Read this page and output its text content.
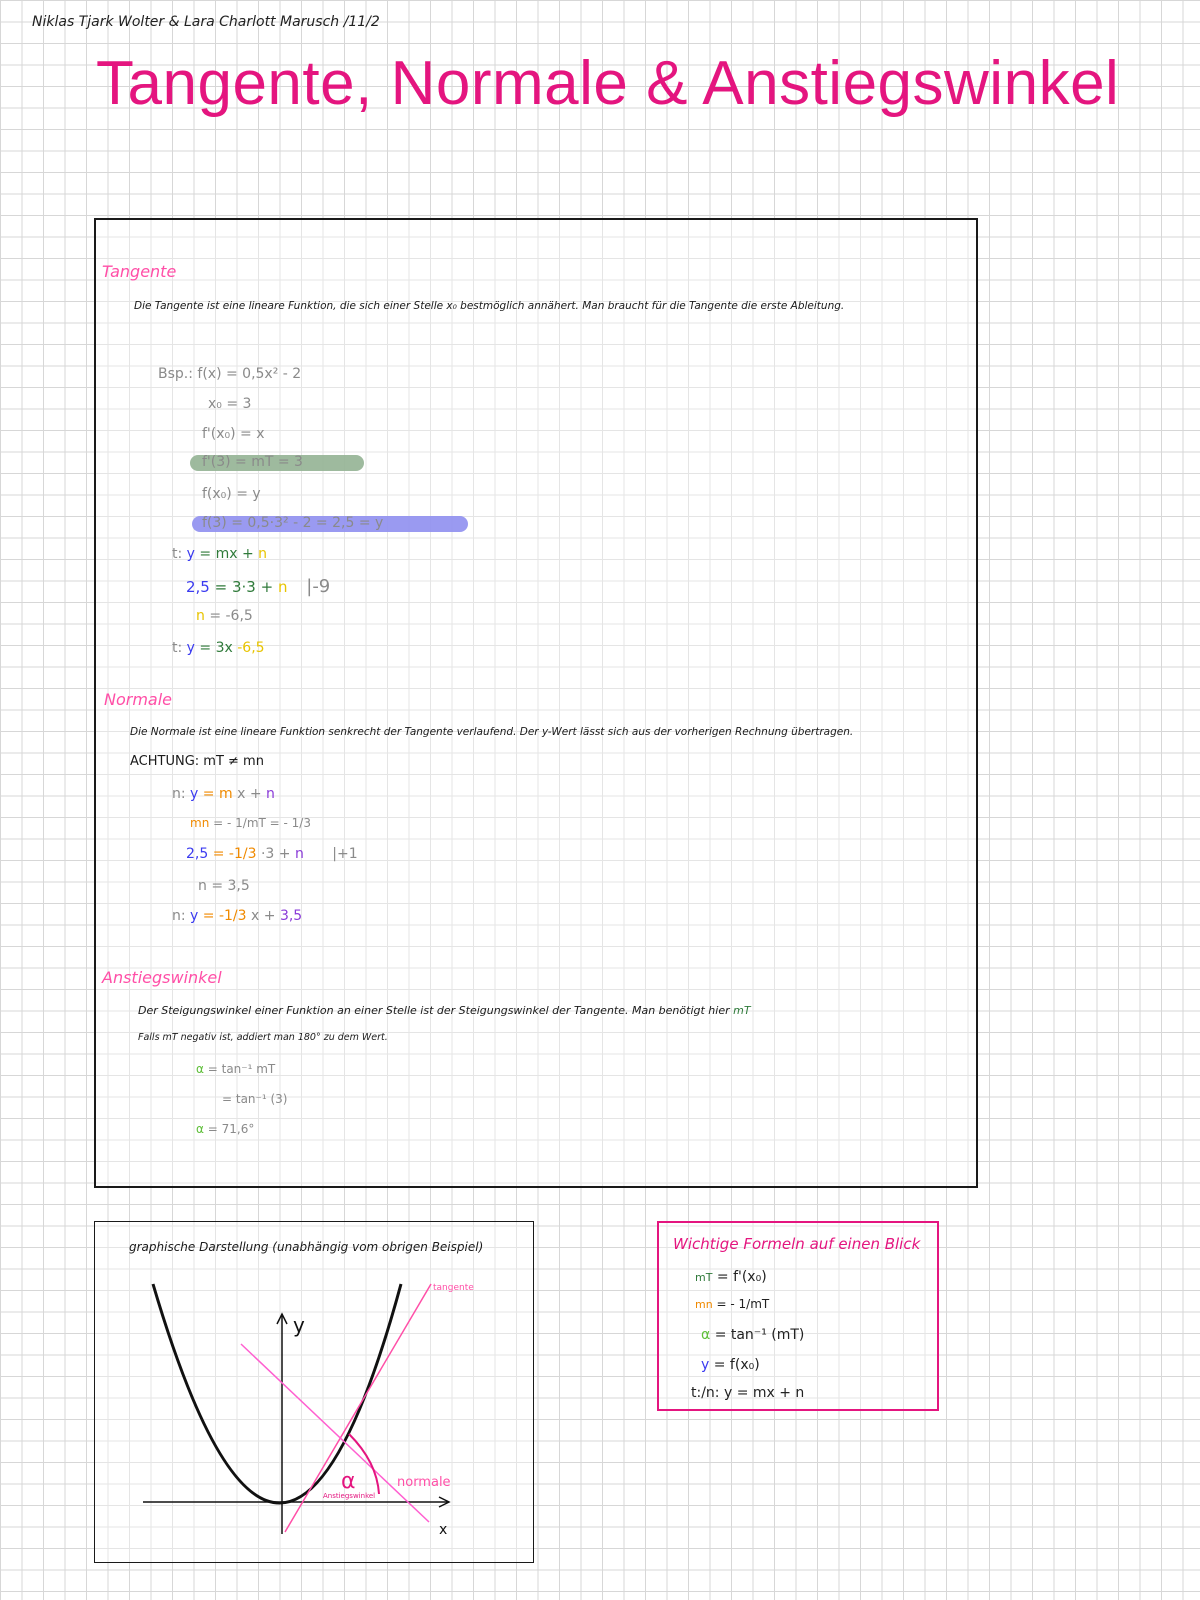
Niklas Tjark Wolter & Lara Charlott Marusch /11/2
Tangente, Normale & Anstiegswinkel
Tangente
Die Tangente ist eine lineare Funktion, die sich einer Stelle x₀ bestmöglich annähert. Man braucht für die Tangente die erste Ableitung.
Bsp.: f(x) = 0,5x² - 2
x₀ = 3
f'(x₀) = x
f'(3) = mT = 3
f(x₀) = y
f(3) = 0,5·3² - 2 = 2,5 = y
t: y = mx + n
2,5 = 3·3 + n |-9
n = -6,5
t: y = 3x -6,5
Normale
Die Normale ist eine lineare Funktion senkrecht der Tangente verlaufend. Der y-Wert lässt sich aus der vorherigen Rechnung übertragen.
ACHTUNG: mT ≠ mn
n: y = m x + n
mn = - 1/mT = - 1/3
2,5 = -1/3 ·3 + n |+1
n = 3,5
n: y = -1/3 x + 3,5
Anstiegswinkel
Der Steigungswinkel einer Funktion an einer Stelle ist der Steigungswinkel der Tangente. Man benötigt hier mT
Falls mT negativ ist, addiert man 180° zu dem Wert.
α = tan⁻¹ mT
= tan⁻¹ (3)
α = 71,6°
graphische Darstellung (unabhängig vom obrigen Beispiel)
y
x
tangente
normale
α
Anstiegswinkel
Wichtige Formeln auf einen Blick
mT = f'(x₀)
mn = - 1/mT
α = tan⁻¹ (mT)
y = f(x₀)
t:/n: y = mx + n
